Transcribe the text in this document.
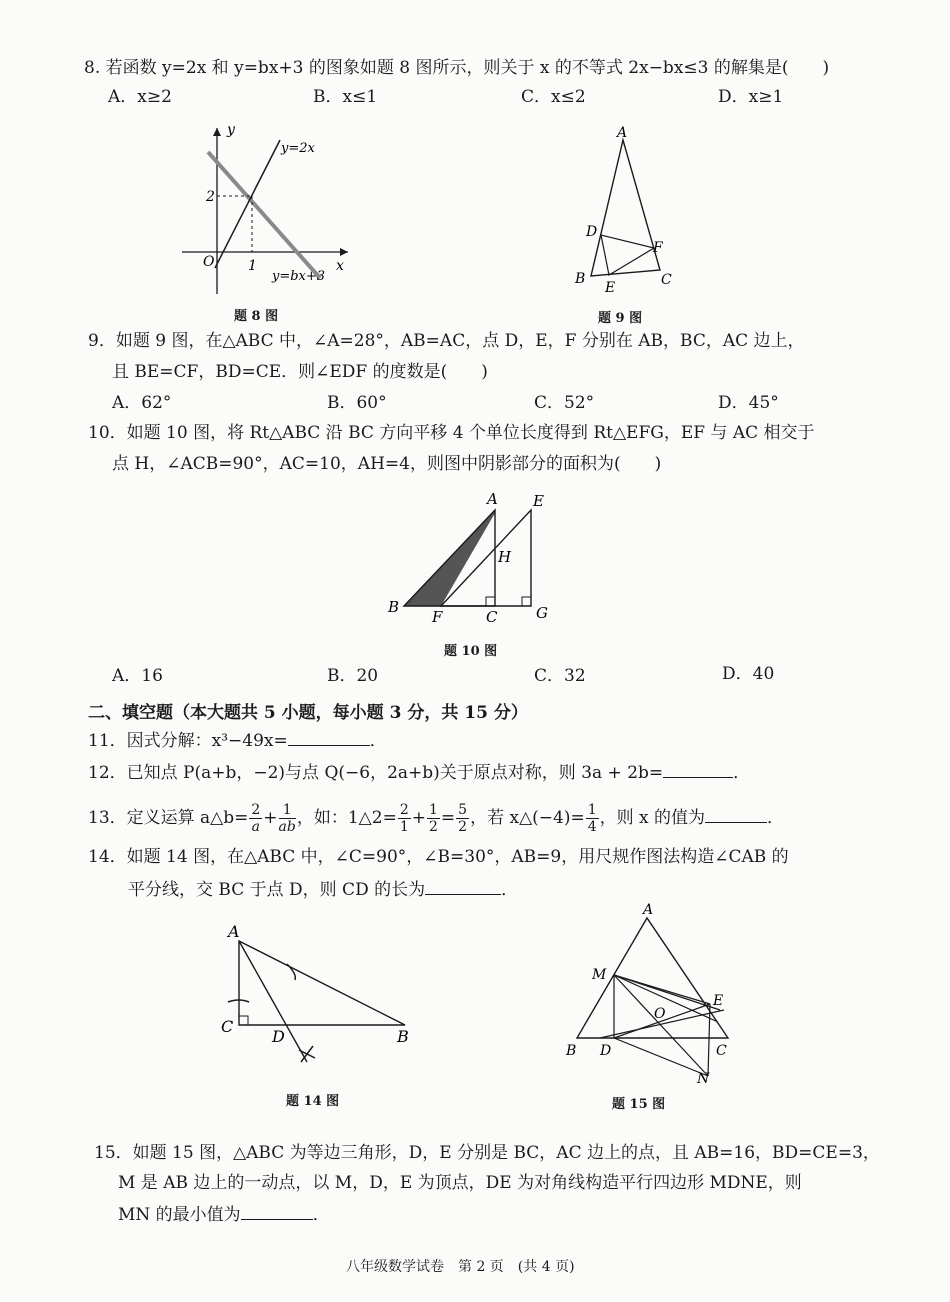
8. 若函数 y=2x 和 y=bx+3 的图象如题 8 图所示，则关于 x 的不等式 2x−bx≤3 的解集是(　　)
A．x≥2	B．x≤1	C．x≤2	D．x≥1
y
x
O
2
1
y=2x
y=bx+3
题 8 图
A
B	C
D
E
F
题 9 图
9．如题 9 图，在△ABC 中，∠A=28°，AB=AC，点 D，E，F 分别在 AB，BC，AC 边上，
且 BE=CF，BD=CE．则∠EDF 的度数是(　　)
A．62°	B．60°	C．52°	D．45°
10．如题 10 图，将 Rt△ABC 沿 BC 方向平移 4 个单位长度得到 Rt△EFG，EF 与 AC 相交于
点 H，∠ACB=90°，AC=10，AH=4，则图中阴影部分的面积为(　　)
A
B
C
E
F	G
H
题 10 图
A．16	B．20	C．32	D．40
二、填空题（本大题共 5 小题，每小题 3 分，共 15 分）
11．因式分解：x³−49x=	．
12．已知点 P(a+b，−2)与点 Q(−6，2a+b)关于原点对称，则 3a + 2b=	．
13．定义运算 a△b= $\frac{2}{a} + \frac{1}{ab}$ ，如：1△2= $\frac{2}{1} + \frac{1}{2} = \frac{5}{2}$ ，若 x△(−4)= $\frac{1}{4}$ ，则 x 的值为	．
14．如题 14 图，在△ABC 中，∠C=90°，∠B=30°，AB=9，用尺规作图法构造∠CAB 的
平分线，交 BC 于点 D，则 CD 的长为	．
A
B
C
D
题 14 图
A
B	C
D
E
M
N
O
题 15 图
15．如题 15 图，△ABC 为等边三角形，D，E 分别是 BC，AC 边上的点，且 AB=16，BD=CE=3，
M 是 AB 边上的一动点，以 M，D，E 为顶点，DE 为对角线构造平行四边形 MDNE，则
MN 的最小值为	．
八年级数学试卷　第 2 页　(共 4 页)
